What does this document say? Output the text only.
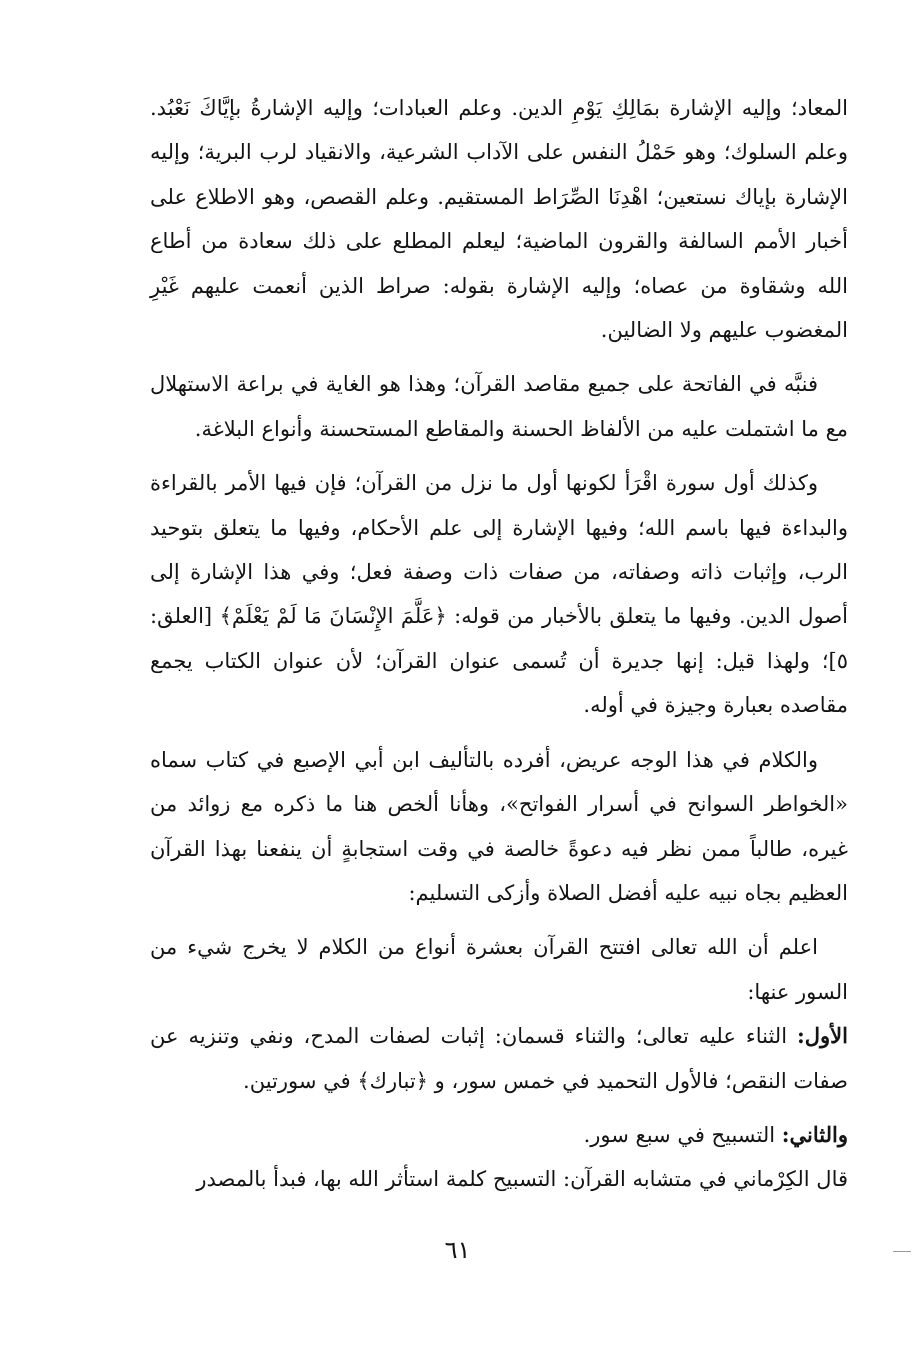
المعاد؛ وإليه الإشارة بمَالِكِ يَوْمِ الدين. وعلم العبادات؛ وإليه الإشارةُ بإيَّاكَ نَعْبُد. وعلم السلوك؛ وهو حَمْلُ النفس على الآداب الشرعية، والانقياد لرب البرية؛ وإليه الإشارة بإياك نستعين؛ اهْدِنَا الصِّرَاط المستقيم. وعلم القصص، وهو الاطلاع على أخبار الأمم السالفة والقرون الماضية؛ ليعلم المطلع على ذلك سعادة من أطاع الله وشقاوة من عصاه؛ وإليه الإشارة بقوله: صراط الذين أنعمت عليهم غَيْرِ المغضوب عليهم ولا الضالين.

فنبَّه في الفاتحة على جميع مقاصد القرآن؛ وهذا هو الغاية في براعة الاستهلال مع ما اشتملت عليه من الألفاظ الحسنة والمقاطع المستحسنة وأنواع البلاغة.

وكذلك أول سورة اقْرَأ لكونها أول ما نزل من القرآن؛ فإن فيها الأمر بالقراءة والبداءة فيها باسم الله؛ وفيها الإشارة إلى علم الأحكام، وفيها ما يتعلق بتوحيد الرب، وإثبات ذاته وصفاته، من صفات ذات وصفة فعل؛ وفي هذا الإشارة إلى أصول الدين. وفيها ما يتعلق بالأخبار من قوله: ﴿عَلَّمَ الإِنْسَانَ مَا لَمْ يَعْلَمْ﴾ [العلق: ٥]؛ ولهذا قيل: إنها جديرة أن تُسمى عنوان القرآن؛ لأن عنوان الكتاب يجمع مقاصده بعبارة وجيزة في أوله.

والكلام في هذا الوجه عريض، أفرده بالتأليف ابن أبي الإصبع في كتاب سماه «الخواطر السوانح في أسرار الفواتح»، وهأنا ألخص هنا ما ذكره مع زوائد من غيره، طالباً ممن نظر فيه دعوةً خالصة في وقت استجابةٍ أن ينفعنا بهذا القرآن العظيم بجاه نبيه عليه أفضل الصلاة وأزكى التسليم:

اعلم أن الله تعالى افتتح القرآن بعشرة أنواع من الكلام لا يخرج شيء من السور عنها:

الأول: الثناء عليه تعالى؛ والثناء قسمان: إثبات لصفات المدح، ونفي وتنزيه عن صفات النقص؛ فالأول التحميد في خمس سور، و ﴿تبارك﴾ في سورتين.

والثاني: التسبيح في سبع سور.

قال الكِرْماني في متشابه القرآن: التسبيح كلمة استأثر الله بها، فبدأ بالمصدر

٦١
